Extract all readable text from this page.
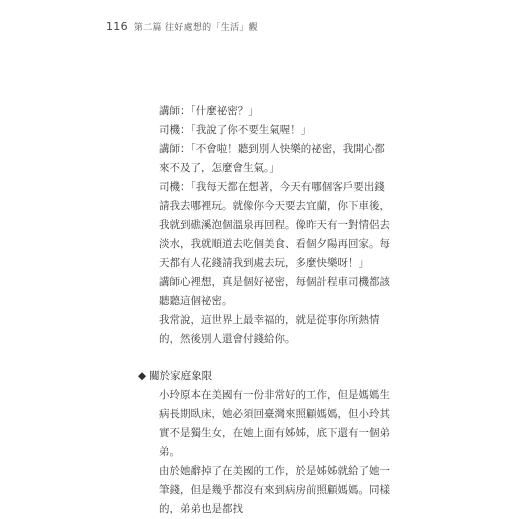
116 第二篇 往好處想的「生活」觀

講師：「什麼祕密？」

司機：「我說了你不要生氣喔！」

講師：「不會啦！聽到別人快樂的祕密，我開心都來不及了，怎麼會生氣。」

司機：「我每天都在想著，今天有哪個客戶要出錢請我去哪裡玩。就像你今天要去宜蘭，你下車後，我就到礁溪泡個溫泉再回程。像昨天有一對情侶去淡水，我就順道去吃個美食、看個夕陽再回家。每天都有人花錢請我到處去玩，多麼快樂呀！」

講師心裡想，真是個好祕密，每個計程車司機都該聽聽這個祕密。

我常說，這世界上最幸福的，就是從事你所熱情的，然後別人還會付錢給你。

◆ 關於家庭象限

小玲原本在美國有一份非常好的工作，但是媽媽生病長期臥床，她必須回臺灣來照顧媽媽，但小玲其實不是獨生女，在她上面有姊姊，底下還有一個弟弟。

由於她辭掉了在美國的工作，於是姊姊就給了她一筆錢，但是幾乎都沒有來到病房前照顧媽媽。同樣的，弟弟也是都找
